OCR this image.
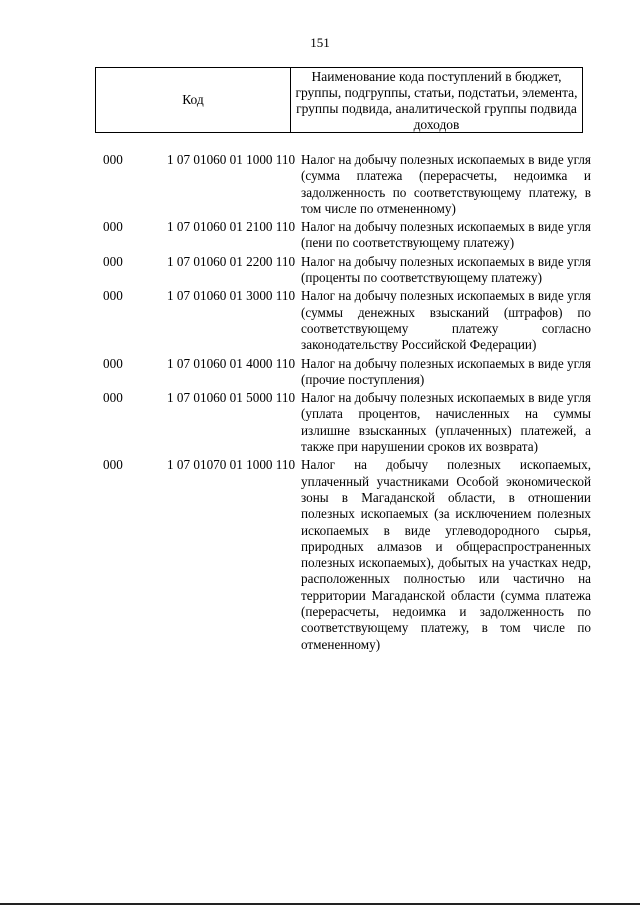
151
Код
Наименование кода поступлений в бюджет, группы, подгруппы, статьи, подстатьи, элемента, группы подвида, аналитической группы подвида доходов
000	1 07 01060 01 1000 110 Налог на добычу полезных ископаемых в виде угля (сумма платежа (перерасчеты, недоимка и задолженность по соответствующему платежу, в том числе по отмененному)
000	1 07 01060 01 2100 110 Налог на добычу полезных ископаемых в виде угля (пени по соответствующему платежу)
000	1 07 01060 01 2200 110 Налог на добычу полезных ископаемых в виде угля (проценты по соответствующему платежу)
000	1 07 01060 01 3000 110 Налог на добычу полезных ископаемых в виде угля (суммы денежных взысканий (штрафов) по соответствующему платежу согласно законодательству Российской Федерации)
000	1 07 01060 01 4000 110 Налог на добычу полезных ископаемых в виде угля (прочие поступления)
000	1 07 01060 01 5000 110 Налог на добычу полезных ископаемых в виде угля (уплата процентов, начисленных на суммы излишне взысканных (уплаченных) платежей, а также при нарушении сроков их возврата)
000	1 07 01070 01 1000 110 Налог на добычу полезных ископаемых, уплаченный участниками Особой экономической зоны в Магаданской области, в отношении полезных ископаемых (за исключением полезных ископаемых в виде углеводородного сырья, природных алмазов и общераспространенных полезных ископаемых), добытых на участках недр, расположенных полностью или частично на территории Магаданской области (сумма платежа (перерасчеты, недоимка и задолженность по соответствующему платежу, в том числе по отмененному)
